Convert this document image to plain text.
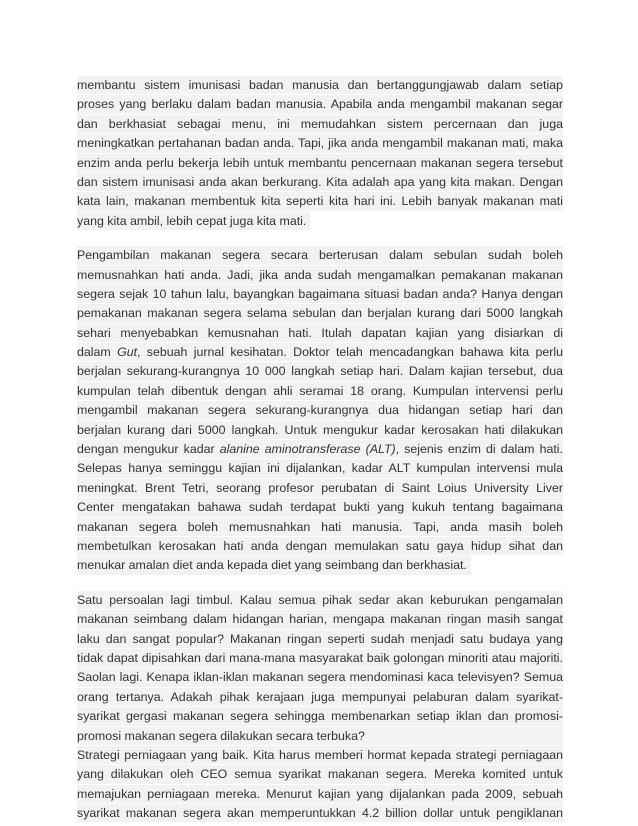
membantu sistem imunisasi badan manusia dan bertanggungjawab dalam setiap
proses yang berlaku dalam badan manusia. Apabila anda mengambil makanan segar
dan berkhasiat sebagai menu, ini memudahkan sistem percernaan dan juga
meningkatkan pertahanan badan anda. Tapi, jika anda mengambil makanan mati, maka
enzim anda perlu bekerja lebih untuk membantu pencernaan makanan segera tersebut
dan sistem imunisasi anda akan berkurang. Kita adalah apa yang kita makan. Dengan
kata lain, makanan membentuk kita seperti kita hari ini. Lebih banyak makanan mati
yang kita ambil, lebih cepat juga kita mati.
Pengambilan makanan segera secara berterusan dalam sebulan sudah boleh
memusnahkan hati anda. Jadi, jika anda sudah mengamalkan pemakanan makanan
segera sejak 10 tahun lalu, bayangkan bagaimana situasi badan anda? Hanya dengan
pemakanan makanan segera selama sebulan dan berjalan kurang dari 5000 langkah
sehari menyebabkan kemusnahan hati. Itulah dapatan kajian yang disiarkan di
dalam Gut, sebuah jurnal kesihatan. Doktor telah mencadangkan bahawa kita perlu
berjalan sekurang-kurangnya 10 000 langkah setiap hari. Dalam kajian tersebut, dua
kumpulan telah dibentuk dengan ahli seramai 18 orang. Kumpulan intervensi perlu
mengambil makanan segera sekurang-kurangnya dua hidangan setiap hari dan
berjalan kurang dari 5000 langkah. Untuk mengukur kadar kerosakan hati dilakukan
dengan mengukur kadar alanine aminotransferase (ALT), sejenis enzim di dalam hati.
Selepas hanya seminggu kajian ini dijalankan, kadar ALT kumpulan intervensi mula
meningkat. Brent Tetri, seorang profesor perubatan di Saint Loius University Liver
Center mengatakan bahawa sudah terdapat bukti yang kukuh tentang bagaimana
makanan segera boleh memusnahkan hati manusia. Tapi, anda masih boleh
membetulkan kerosakan hati anda dengan memulakan satu gaya hidup sihat dan
menukar amalan diet anda kepada diet yang seimbang dan berkhasiat.
Satu persoalan lagi timbul. Kalau semua pihak sedar akan keburukan pengamalan
makanan seimbang dalam hidangan harian, mengapa makanan ringan masih sangat
laku dan sangat popular? Makanan ringan seperti sudah menjadi satu budaya yang
tidak dapat dipisahkan dari mana-mana masyarakat baik golongan minoriti atau majoriti.
Saolan lagi. Kenapa iklan-iklan makanan segera mendominasi kaca televisyen? Semua
orang tertanya. Adakah pihak kerajaan juga mempunyai pelaburan dalam syarikat-
syarikat gergasi makanan segera sehingga membenarkan setiap iklan dan promosi-
promosi makanan segera dilakukan secara terbuka?
Strategi perniagaan yang baik. Kita harus memberi hormat kepada strategi perniagaan
yang dilakukan oleh CEO semua syarikat makanan segera. Mereka komited untuk
memajukan perniagaan mereka. Menurut kajian yang dijalankan pada 2009, sebuah
syarikat makanan segera akan memperuntukkan 4.2 billion dollar untuk pengiklanan
